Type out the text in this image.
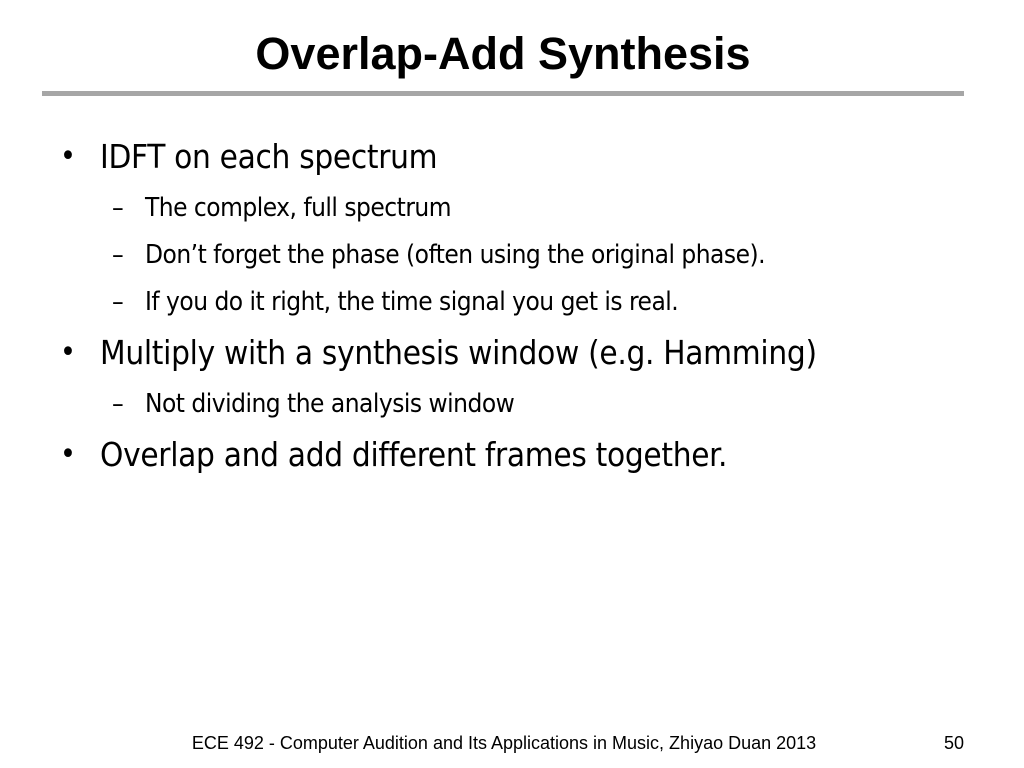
Overlap-Add Synthesis
• IDFT on each spectrum
– The complex, full spectrum
– Don’t forget the phase (often using the original phase).
– If you do it right, the time signal you get is real.
• Multiply with a synthesis window (e.g. Hamming)
– Not dividing the analysis window
• Overlap and add different frames together.
ECE 492 - Computer Audition and Its Applications in Music, Zhiyao Duan 2013	50
